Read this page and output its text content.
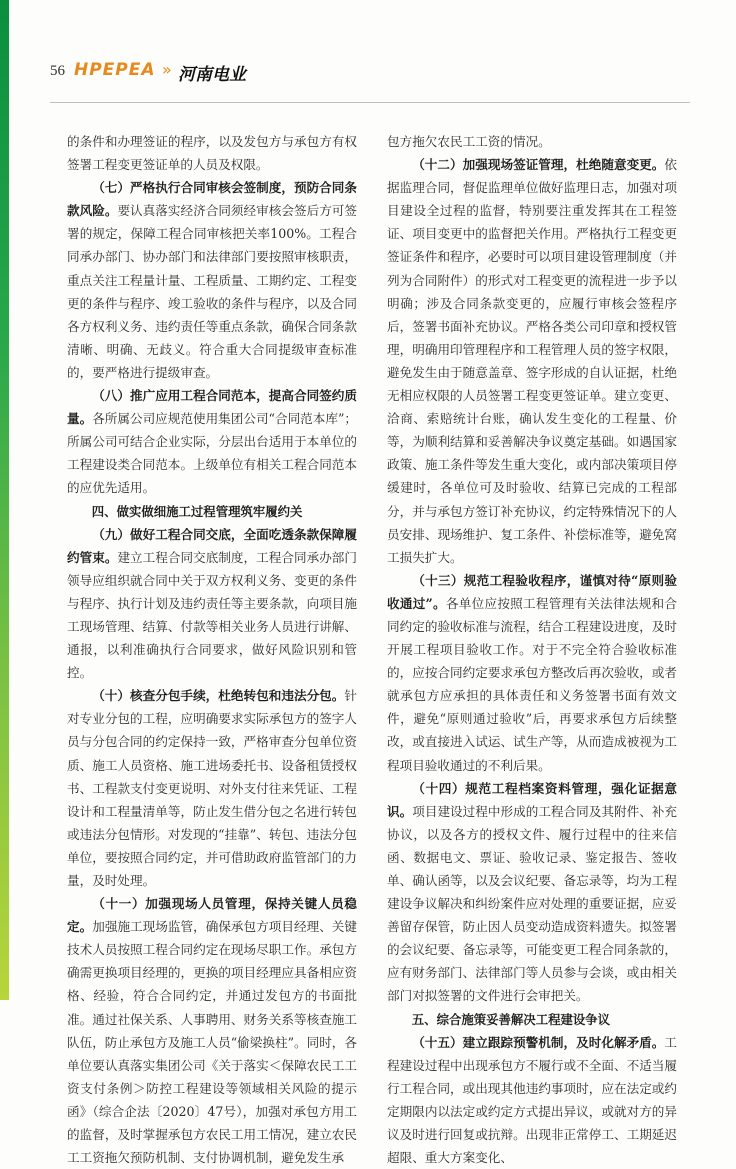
56 HPEPEA » 河南电业

的条件和办理签证的程序，以及发包方与承包方有权签署工程变更签证单的人员及权限。

（七）严格执行合同审核会签制度，预防合同条款风险。要认真落实经济合同须经审核会签后方可签署的规定，保障工程合同审核把关率100%。工程合同承办部门、协办部门和法律部门要按照审核职责，重点关注工程量计量、工程质量、工期约定、工程变更的条件与程序、竣工验收的条件与程序，以及合同各方权利义务、违约责任等重点条款，确保合同条款清晰、明确、无歧义。符合重大合同提级审查标准的，要严格进行提级审查。

（八）推广应用工程合同范本，提高合同签约质量。各所属公司应规范使用集团公司“合同范本库”；所属公司可结合企业实际，分层出台适用于本单位的工程建设类合同范本。上级单位有相关工程合同范本的应优先适用。

四、做实做细施工过程管理筑牢履约关

（九）做好工程合同交底，全面吃透条款保障履约管束。建立工程合同交底制度，工程合同承办部门领导应组织就合同中关于双方权利义务、变更的条件与程序、执行计划及违约责任等主要条款，向项目施工现场管理、结算、付款等相关业务人员进行讲解、通报，以利准确执行合同要求，做好风险识别和管控。

（十）核查分包手续，杜绝转包和违法分包。针对专业分包的工程，应明确要求实际承包方的签字人员与分包合同的约定保持一致，严格审查分包单位资质、施工人员资格、施工进场委托书、设备租赁授权书、工程款支付变更说明、对外支付往来凭证、工程设计和工程量清单等，防止发生借分包之名进行转包或违法分包情形。对发现的“挂靠”、转包、违法分包单位，要按照合同约定，并可借助政府监管部门的力量，及时处理。

（十一）加强现场人员管理，保持关键人员稳定。加强施工现场监管，确保承包方项目经理、关键技术人员按照工程合同约定在现场尽职工作。承包方确需更换项目经理的，更换的项目经理应具备相应资格、经验，符合合同约定，并通过发包方的书面批准。通过社保关系、人事聘用、财务关系等核查施工队伍，防止承包方及施工人员“偷梁换柱”。同时，各单位要认真落实集团公司《关于落实＜保障农民工工资支付条例＞防控工程建设等领域相关风险的提示函》（综合企法〔2020〕47号），加强对承包方用工的监督，及时掌握承包方农民工用工情况，建立农民工工资拖欠预防机制、支付协调机制，避免发生承

包方拖欠农民工工资的情况。

（十二）加强现场签证管理，杜绝随意变更。依据监理合同，督促监理单位做好监理日志，加强对项目建设全过程的监督，特别要注重发挥其在工程签证、项目变更中的监督把关作用。严格执行工程变更签证条件和程序，必要时可以项目建设管理制度（并列为合同附件）的形式对工程变更的流程进一步予以明确；涉及合同条款变更的，应履行审核会签程序后，签署书面补充协议。严格各类公司印章和授权管理，明确用印管理程序和工程管理人员的签字权限，避免发生由于随意盖章、签字形成的自认证据，杜绝无相应权限的人员签署工程变更签证单。建立变更、洽商、索赔统计台账，确认发生变化的工程量、价等，为顺利结算和妥善解决争议奠定基础。如遇国家政策、施工条件等发生重大变化，或内部决策项目停缓建时，各单位可及时验收、结算已完成的工程部分，并与承包方签订补充协议，约定特殊情况下的人员安排、现场维护、复工条件、补偿标准等，避免窝工损失扩大。

（十三）规范工程验收程序，谨慎对待“原则验收通过”。各单位应按照工程管理有关法律法规和合同约定的验收标准与流程，结合工程建设进度，及时开展工程项目验收工作。对于不完全符合验收标准的，应按合同约定要求承包方整改后再次验收，或者就承包方应承担的具体责任和义务签署书面有效文件，避免“原则通过验收”后，再要求承包方后续整改，或直接进入试运、试生产等，从而造成被视为工程项目验收通过的不利后果。

（十四）规范工程档案资料管理，强化证据意识。项目建设过程中形成的工程合同及其附件、补充协议，以及各方的授权文件、履行过程中的往来信函、数据电文、票证、验收记录、鉴定报告、签收单、确认函等，以及会议纪要、备忘录等，均为工程建设争议解决和纠纷案件应对处理的重要证据，应妥善留存保管，防止因人员变动造成资料遗失。拟签署的会议纪要、备忘录等，可能变更工程合同条款的，应有财务部门、法律部门等人员参与会谈，或由相关部门对拟签署的文件进行会审把关。

五、综合施策妥善解决工程建设争议

（十五）建立跟踪预警机制，及时化解矛盾。工程建设过程中出现承包方不履行或不全面、不适当履行工程合同，或出现其他违约事项时，应在法定或约定期限内以法定或约定方式提出异议，或就对方的异议及时进行回复或抗辩。出现非正常停工、工期延迟超限、重大方案变化、
